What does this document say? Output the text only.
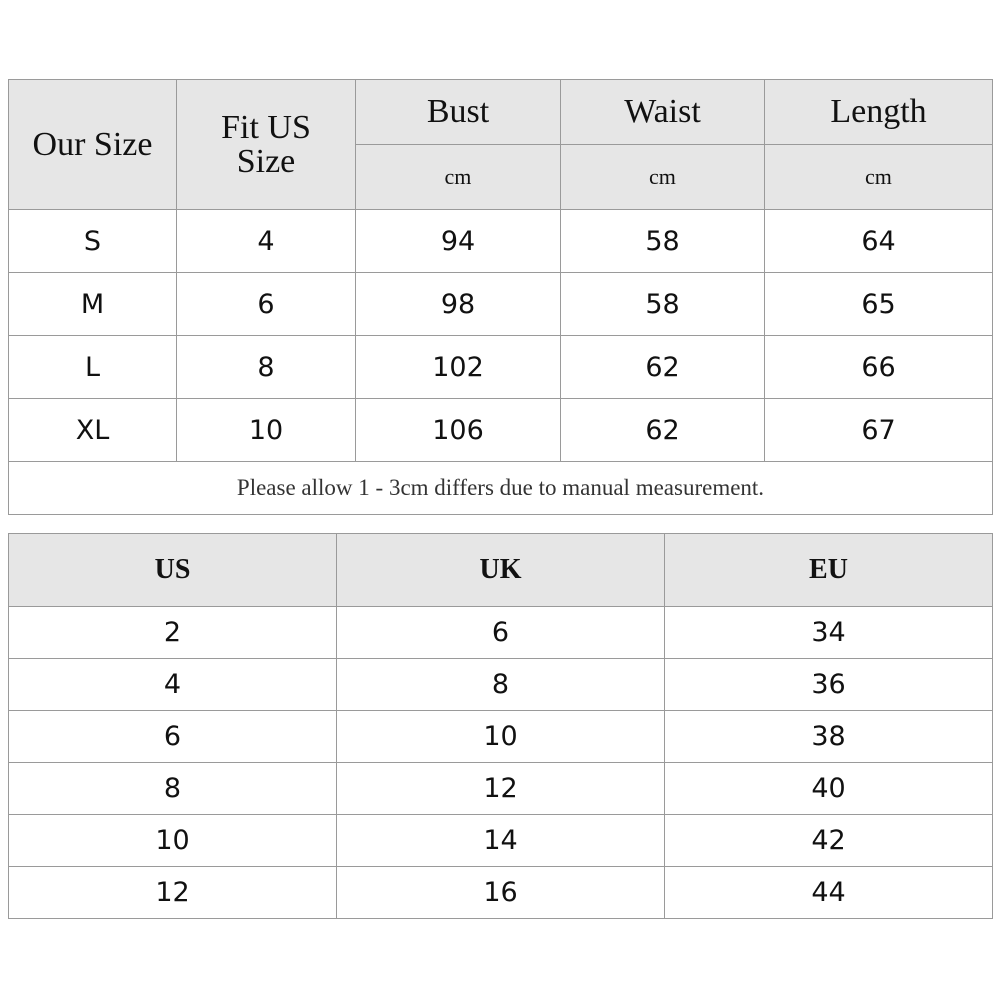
Our Size	Fit US Size	Bust	Waist	Length
		cm	cm	cm
S	4	94	58	64
M	6	98	58	65
L	8	102	62	66
XL	10	106	62	67
Please allow 1 - 3cm differs due to manual measurement.				
US	UK	EU
2	6	34
4	8	36
6	10	38
8	12	40
10	14	42
12	16	44
